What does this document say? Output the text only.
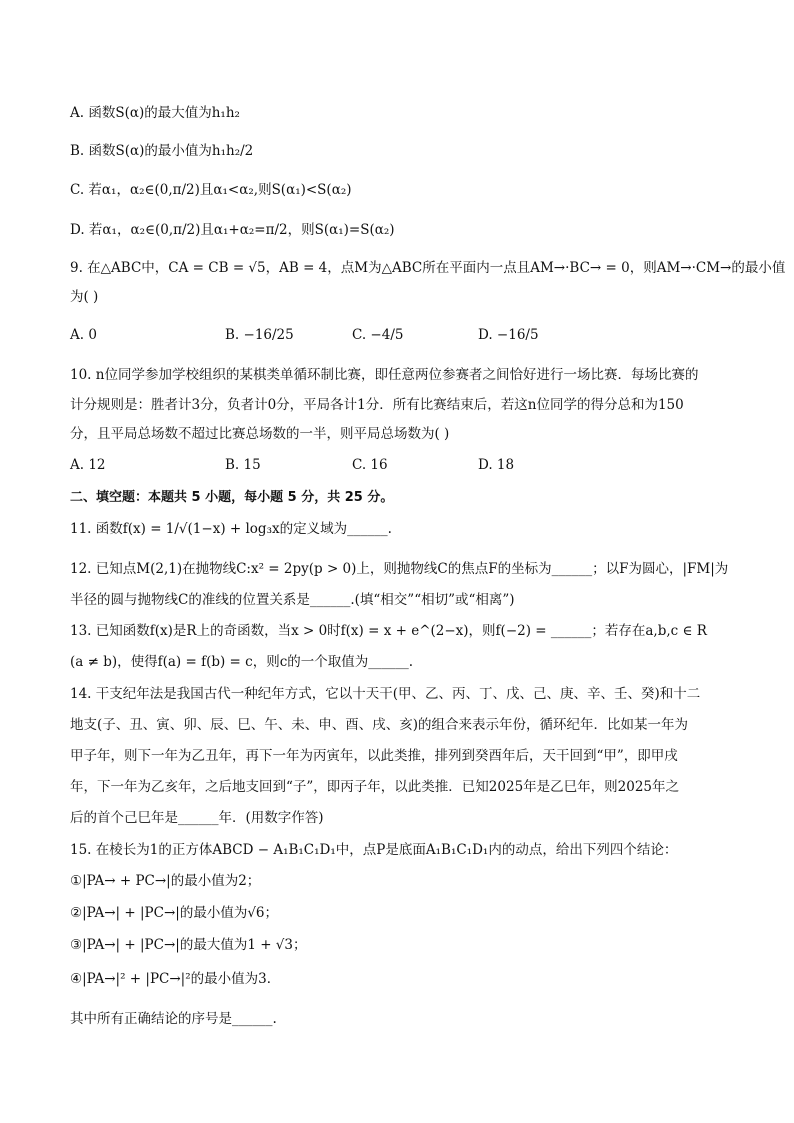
A. 函数S(α)的最大值为h₁h₂
B. 函数S(α)的最小值为h₁h₂/2
C. 若α₁，α₂∈(0,π/2)且α₁<α₂,则S(α₁)<S(α₂)
D. 若α₁，α₂∈(0,π/2)且α₁+α₂=π/2，则S(α₁)=S(α₂)
9. 在△ABC中，CA = CB = √5，AB = 4，点M为△ABC所在平面内一点且AM→·BC→ = 0，则AM→·CM→的最小值
为( )
A. 0	B. −16/25	C. −4/5	D. −16/5
10. n位同学参加学校组织的某棋类单循环制比赛，即任意两位参赛者之间恰好进行一场比赛．每场比赛的
计分规则是：胜者计3分，负者计0分，平局各计1分．所有比赛结束后，若这n位同学的得分总和为150
分，且平局总场数不超过比赛总场数的一半，则平局总场数为( )
A. 12	B. 15	C. 16	D. 18
二、填空题：本题共 5 小题，每小题 5 分，共 25 分。
11. 函数f(x) = 1/√(1−x) + log₃x的定义域为______.
12. 已知点M(2,1)在抛物线C:x² = 2py(p > 0)上，则抛物线C的焦点F的坐标为______；以F为圆心，|FM|为
半径的圆与抛物线C的准线的位置关系是______.(填“相交”“相切”或“相离”)
13. 已知函数f(x)是R上的奇函数，当x > 0时f(x) = x + e^(2−x)，则f(−2) = ______；若存在a,b,c ∈ R
(a ≠ b)，使得f(a) = f(b) = c，则c的一个取值为______.
14. 干支纪年法是我国古代一种纪年方式，它以十天干(甲、乙、丙、丁、戊、己、庚、辛、壬、癸)和十二
地支(子、丑、寅、卯、辰、巳、午、未、申、酉、戌、亥)的组合来表示年份，循环纪年．比如某一年为
甲子年，则下一年为乙丑年，再下一年为丙寅年，以此类推，排列到癸酉年后，天干回到“甲”，即甲戌
年，下一年为乙亥年，之后地支回到“子”，即丙子年，以此类推．已知2025年是乙巳年，则2025年之
后的首个己巳年是______年．(用数字作答)
15. 在棱长为1的正方体ABCD − A₁B₁C₁D₁中，点P是底面A₁B₁C₁D₁内的动点，给出下列四个结论：
①|PA→ + PC→|的最小值为2；
②|PA→| + |PC→|的最小值为√6；
③|PA→| + |PC→|的最大值为1 + √3；
④|PA→|² + |PC→|²的最小值为3．
其中所有正确结论的序号是______.
